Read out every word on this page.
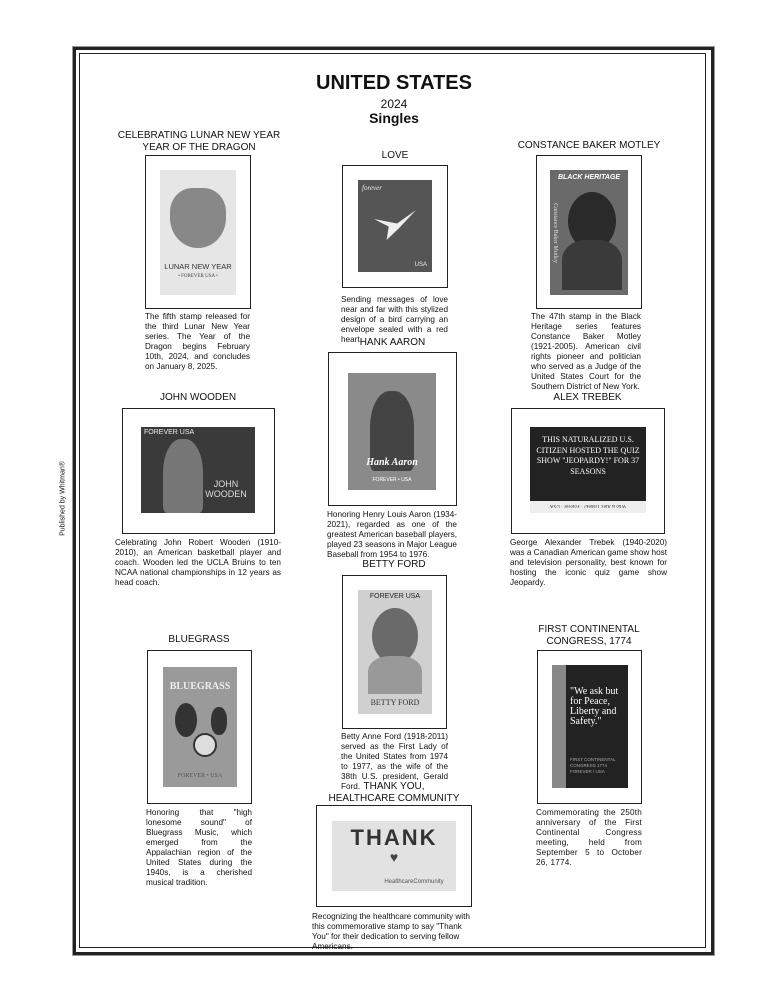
UNITED STATES
2024
Singles
Published by Whitman®
CELEBRATING LUNAR NEW YEAR
YEAR OF THE DRAGON
LUNAR NEW YEAR
• FOREVER USA •
The fifth stamp released for the third Lunar New Year series. The Year of the Dragon begins February 10th, 2024, and concludes on January 8, 2025.
LOVE
forever
USA
Sending messages of love near and far with this stylized design of a bird carrying an envelope sealed with a red heart.
CONSTANCE BAKER MOTLEY
BLACK HERITAGE
Constance Baker Motley
The 47th stamp in the Black Heritage series features Constance Baker Motley (1921-2005). American civil rights pioneer and politician who served as a Judge of the United States Court for the Southern District of New York.
HANK AARON
Hank Aaron
FOREVER • USA
Honoring Henry Louis Aaron (1934-2021), regarded as one of the greatest American baseball players, played 23 seasons in Major League Baseball from 1954 to 1976.
JOHN WOODEN
JOHN WOODEN
FOREVER USA
Celebrating John Robert Wooden (1910-2010), an American basketball player and coach. Wooden led the UCLA Bruins to ten NCAA national championships in 12 years as head coach.
ALEX TREBEK
THIS NATURALIZED U.S. CITIZEN HOSTED THE QUIZ SHOW "JEOPARDY!" FOR 37 SEASONS
Who is Alex Trebek? · Forever · USA
George Alexander Trebek (1940-2020) was a Canadian American game show host and television personality, best known for hosting the iconic quiz game show Jeopardy.
BETTY FORD
FOREVER USA
BETTY FORD
Betty Anne Ford (1918-2011) served as the First Lady of the United States from 1974 to 1977, as the wife of the 38th U.S. president, Gerald Ford.
BLUEGRASS
BLUEGRASS
FOREVER • USA
Honoring that "high lonesome sound" of Bluegrass Music, which emerged from the Appalachian region of the United States during the 1940s, is a cherished musical tradition.
FIRST CONTINENTAL
CONGRESS, 1774
"We ask but for Peace, Liberty and Safety."
FIRST CONTINENTAL CONGRESS 1774 FOREVER / USA
Commemorating the 250th anniversary of the First Continental Congress meeting, held from September 5 to October 26, 1774.
THANK YOU,
HEALTHCARE COMMUNITY
THANK
♥
HealthcareCommunity
Recognizing the healthcare community with this commemorative stamp to say "Thank You" for their dedication to serving fellow Americans.
